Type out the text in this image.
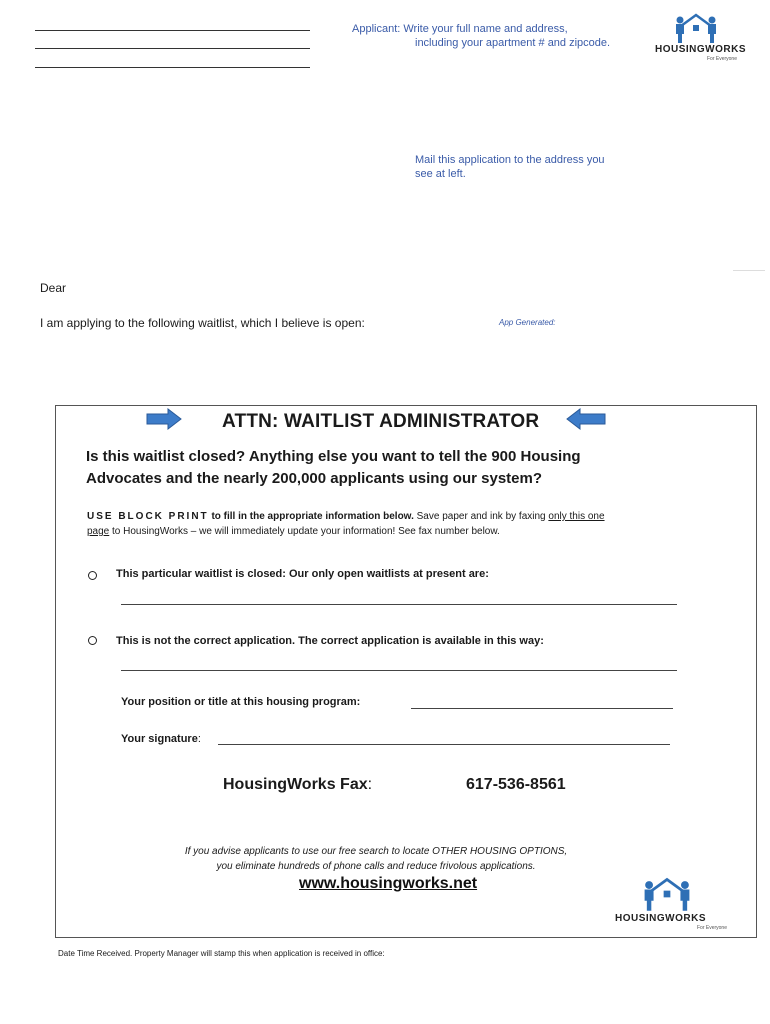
Applicant: Write your full name and address,
including your apartment # and zipcode.
HOUSINGWORKS
For Everyone
Mail this application to the address you
see at left.
Dear
I am applying to the following waitlist, which I believe is open:	App Generated:
ATTN: WAITLIST ADMINISTRATOR
Is this waitlist closed? Anything else you want to tell the 900 Housing
Advocates and the nearly 200,000 applicants using our system?
USE BLOCK PRINT to fill in the appropriate information below. Save paper and ink by faxing only this one
page to HousingWorks – we will immediately update your information! See fax number below.
This particular waitlist is closed: Our only open waitlists at present are:
This is not the correct application. The correct application is available in this way:
Your position or title at this housing program:
Your signature:
HousingWorks Fax:	617-536-8561
If you advise applicants to use our free search to locate OTHER HOUSING OPTIONS,
you eliminate hundreds of phone calls and reduce frivolous applications.
www.housingworks.net
HOUSINGWORKS
For Everyone
Date Time Received. Property Manager will stamp this when application is received in office:
